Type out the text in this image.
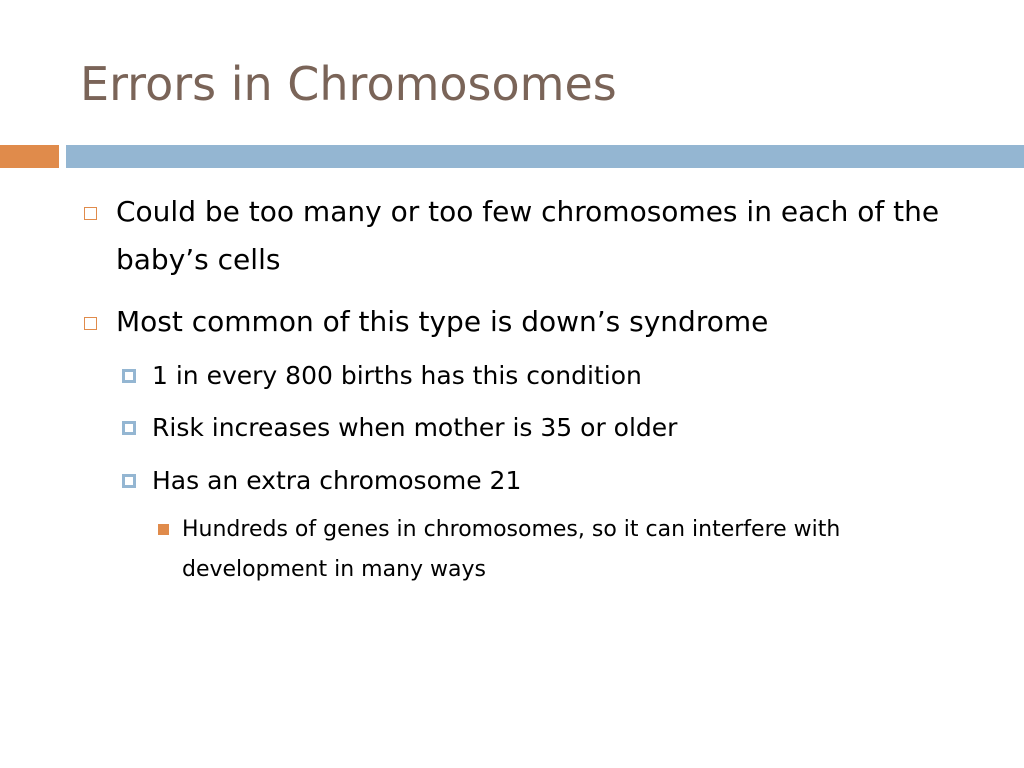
Errors in Chromosomes
Could be too many or too few chromosomes in each of the baby’s cells
Most common of this type is down’s syndrome
1 in every 800 births has this condition
Risk increases when mother is 35 or older
Has an extra chromosome 21
Hundreds of genes in chromosomes, so it can interfere with development in many ways
